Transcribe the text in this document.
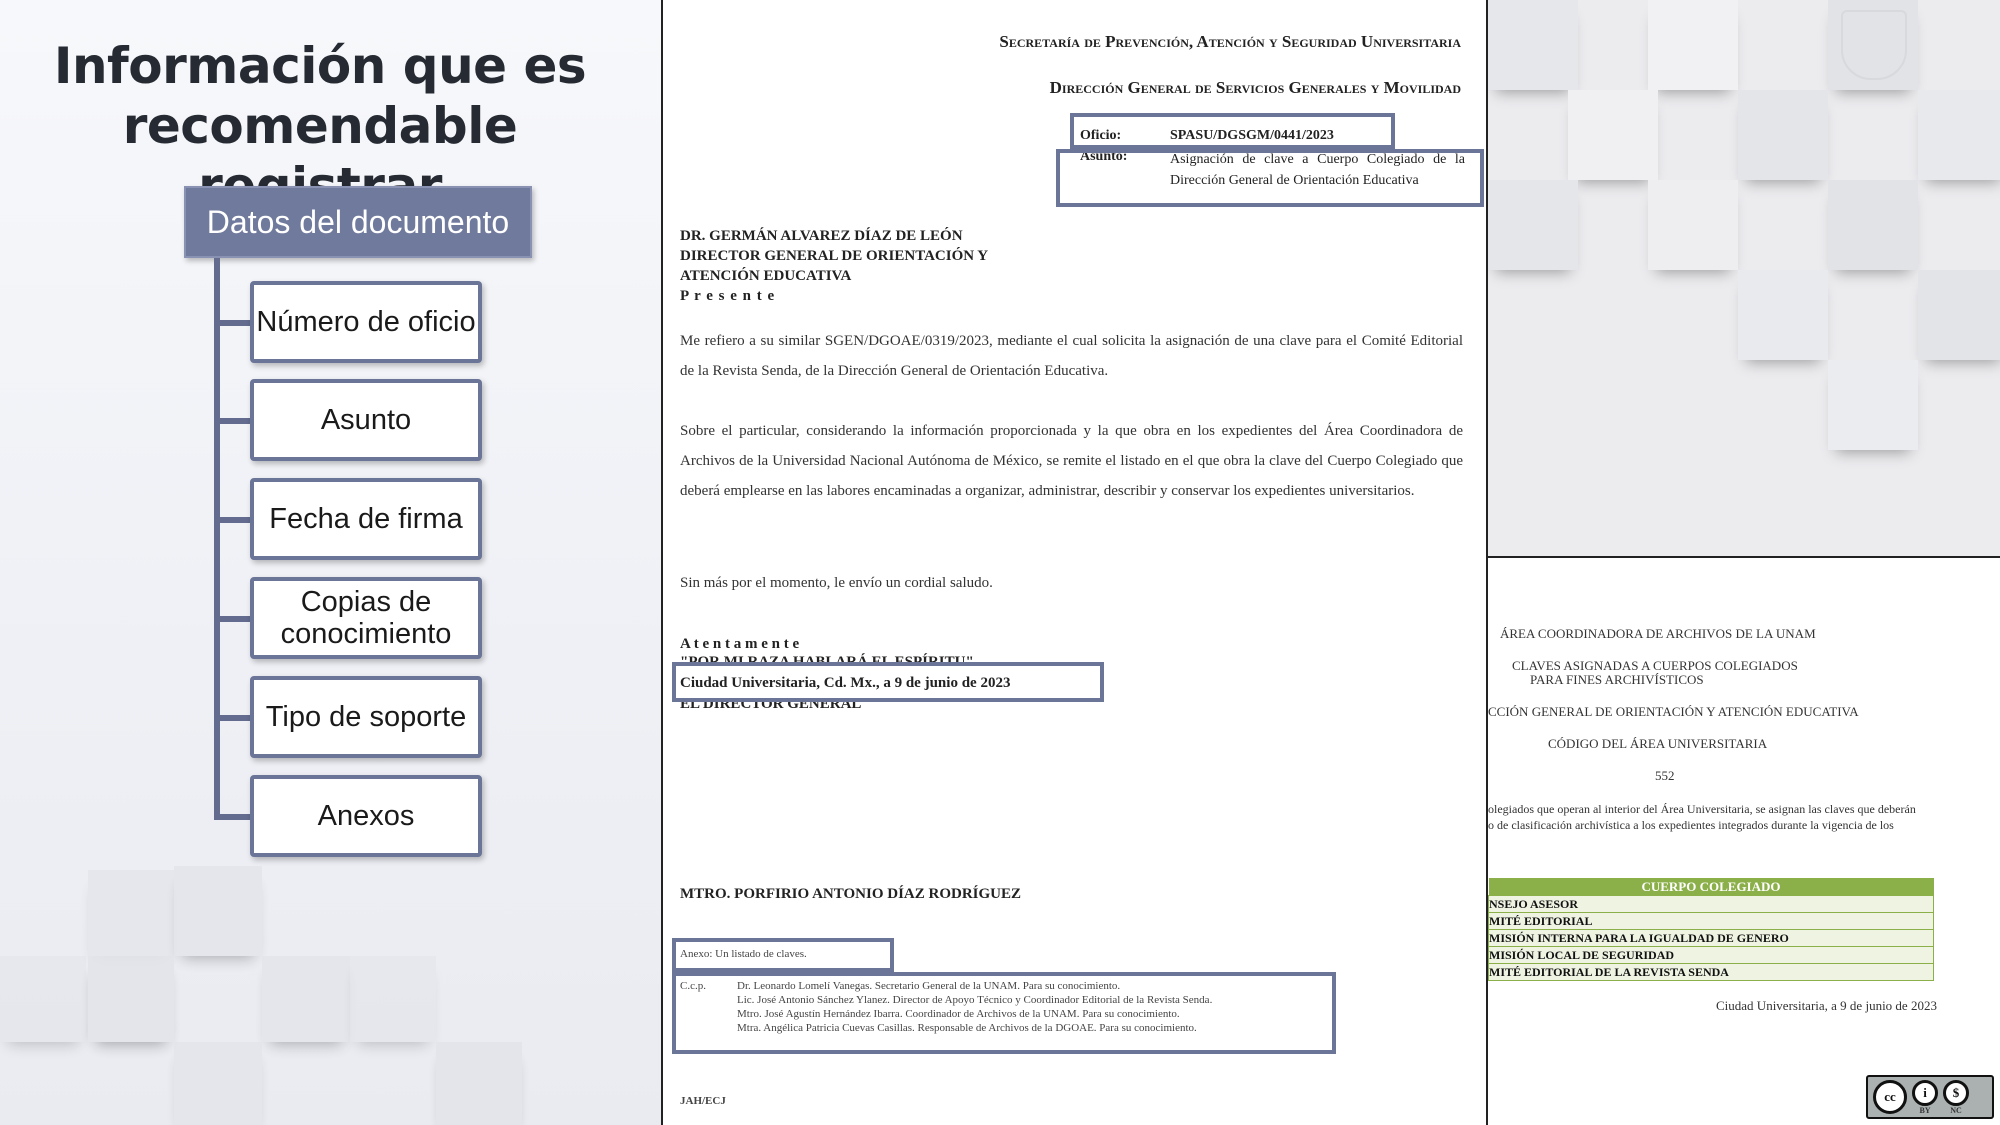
Información que es
recomendable
Datos del documento
Número de oficio
Asunto
Fecha de firma
Copias de conocimiento
Tipo de soporte
Anexos
Secretaría de Prevención, Atención y Seguridad Universitaria
Dirección General de Servicios Generales y Movilidad
Oficio:	SPASU/DGSGM/0441/2023
Asunto:	Asignación de clave a Cuerpo Colegiado de la Dirección General de Orientación Educativa
DR. GERMÁN ALVAREZ DÍAZ DE LEÓN
DIRECTOR GENERAL DE ORIENTACIÓN Y
ATENCIÓN EDUCATIVA
P r e s e n t e
Me refiero a su similar SGEN/DGOAE/0319/2023, mediante el cual solicita la asignación de una clave para el Comité Editorial de la Revista Senda, de la Dirección General de Orientación Educativa.
Sobre el particular, considerando la información proporcionada y la que obra en los expedientes del Área Coordinadora de Archivos de la Universidad Nacional Autónoma de México, se remite el listado en el que obra la clave del Cuerpo Colegiado que deberá emplearse en las labores encaminadas a organizar, administrar, describir y conservar los expedientes universitarios.
Sin más por el momento, le envío un cordial saludo.
A t e n t a m e n t e
"POR MI RAZA HABLARÁ EL ESPÍRITU"
Ciudad Universitaria, Cd. Mx., a 9 de junio de 2023
EL DIRECTOR GENERAL
MTRO. PORFIRIO ANTONIO DÍAZ RODRÍGUEZ
Anexo: Un listado de claves.
C.c.p.	Dr. Leonardo Lomelí Vanegas. Secretario General de la UNAM. Para su conocimiento.
Lic. José Antonio Sánchez Ylanez. Director de Apoyo Técnico y Coordinador Editorial de la Revista Senda.
Mtro. José Agustín Hernández Ibarra. Coordinador de Archivos de la UNAM. Para su conocimiento.
Mtra. Angélica Patricia Cuevas Casillas. Responsable de Archivos de la DGOAE. Para su conocimiento.
JAH/ECJ
ÁREA COORDINADORA DE ARCHIVOS DE LA UNAM
CLAVES ASIGNADAS A CUERPOS COLEGIADOS
PARA FINES ARCHIVÍSTICOS
CCIÓN GENERAL DE ORIENTACIÓN Y ATENCIÓN EDUCATIVA
CÓDIGO DEL ÁREA UNIVERSITARIA
552
olegiados que operan al interior del Área Universitaria, se asignan las claves que deberán
o de clasificación archivística a los expedientes integrados durante la vigencia de los
CUERPO COLEGIADO
NSEJO ASESOR
MITÉ EDITORIAL
MISIÓN INTERNA PARA LA IGUALDAD DE GENERO
MISIÓN LOCAL DE SEGURIDAD
MITÉ EDITORIAL DE LA REVISTA SENDA
Ciudad Universitaria, a 9 de junio de 2023
cc	i
BY
$
NC
